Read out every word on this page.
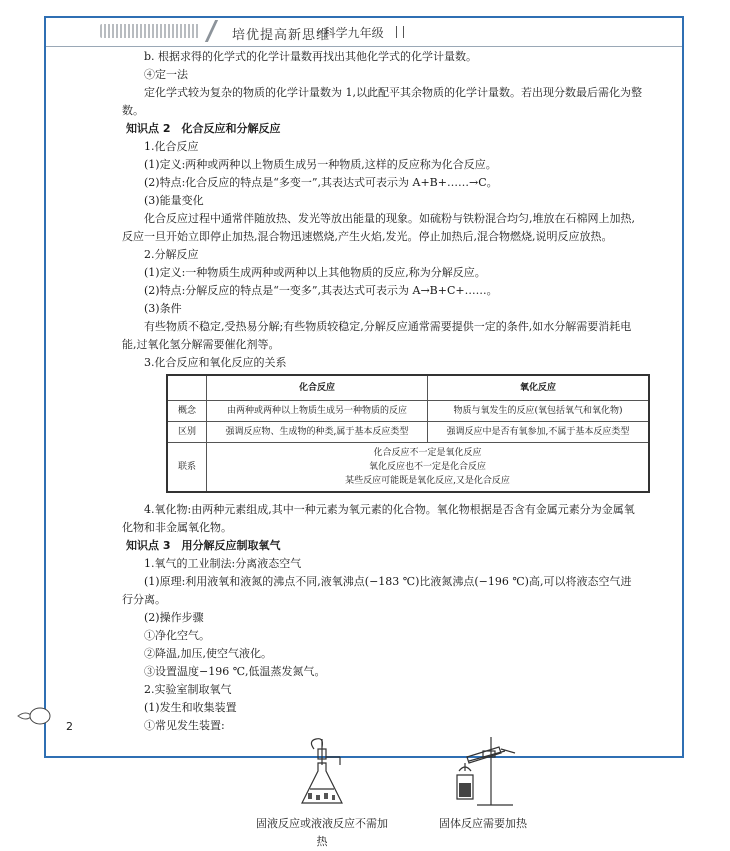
培优提高新思维
· 科学九年级

b. 根据求得的化学式的化学计量数再找出其他化学式的化学计量数。

④定一法

定化学式较为复杂的物质的化学计量数为 1,以此配平其余物质的化学计量数。若出现分数最后需化为整数。

知识点 2　化合反应和分解反应

1.化合反应

(1)定义:两种或两种以上物质生成另一种物质,这样的反应称为化合反应。

(2)特点:化合反应的特点是“多变一”,其表达式可表示为 A+B+……→C。

(3)能量变化

化合反应过程中通常伴随放热、发光等放出能量的现象。如硫粉与铁粉混合均匀,堆放在石棉网上加热,反应一旦开始立即停止加热,混合物迅速燃烧,产生火焰,发光。停止加热后,混合物燃烧,说明反应放热。

2.分解反应

(1)定义:一种物质生成两种或两种以上其他物质的反应,称为分解反应。

(2)特点:分解反应的特点是“一变多”,其表达式可表示为 A→B+C+……。

(3)条件

有些物质不稳定,受热易分解;有些物质较稳定,分解反应通常需要提供一定的条件,如水分解需要消耗电能,过氧化氢分解需要催化剂等。

3.化合反应和氧化反应的关系

	化合反应	氧化反应
概念	由两种或两种以上物质生成另一种物质的反应	物质与氧发生的反应(氧包括氧气和氧化物)
区别	强调反应物、生成物的种类,属于基本反应类型	强调反应中是否有氧参加,不属于基本反应类型
联系	化合反应不一定是氧化反应
氧化反应也不一定是化合反应
某些反应可能既是氧化反应,又是化合反应	

4.氧化物:由两种元素组成,其中一种元素为氧元素的化合物。氧化物根据是否含有金属元素分为金属氧化物和非金属氧化物。

知识点 3　用分解反应制取氧气

1.氧气的工业制法:分离液态空气

(1)原理:利用液氧和液氮的沸点不同,液氧沸点(−183 ℃)比液氮沸点(−196 ℃)高,可以将液态空气进行分离。

(2)操作步骤

①净化空气。

②降温,加压,使空气液化。

③设置温度−196 ℃,低温蒸发氮气。

2.实验室制取氧气

(1)发生和收集装置

①常见发生装置:

固液反应或液液反应不需加热
固体反应需要加热
2
